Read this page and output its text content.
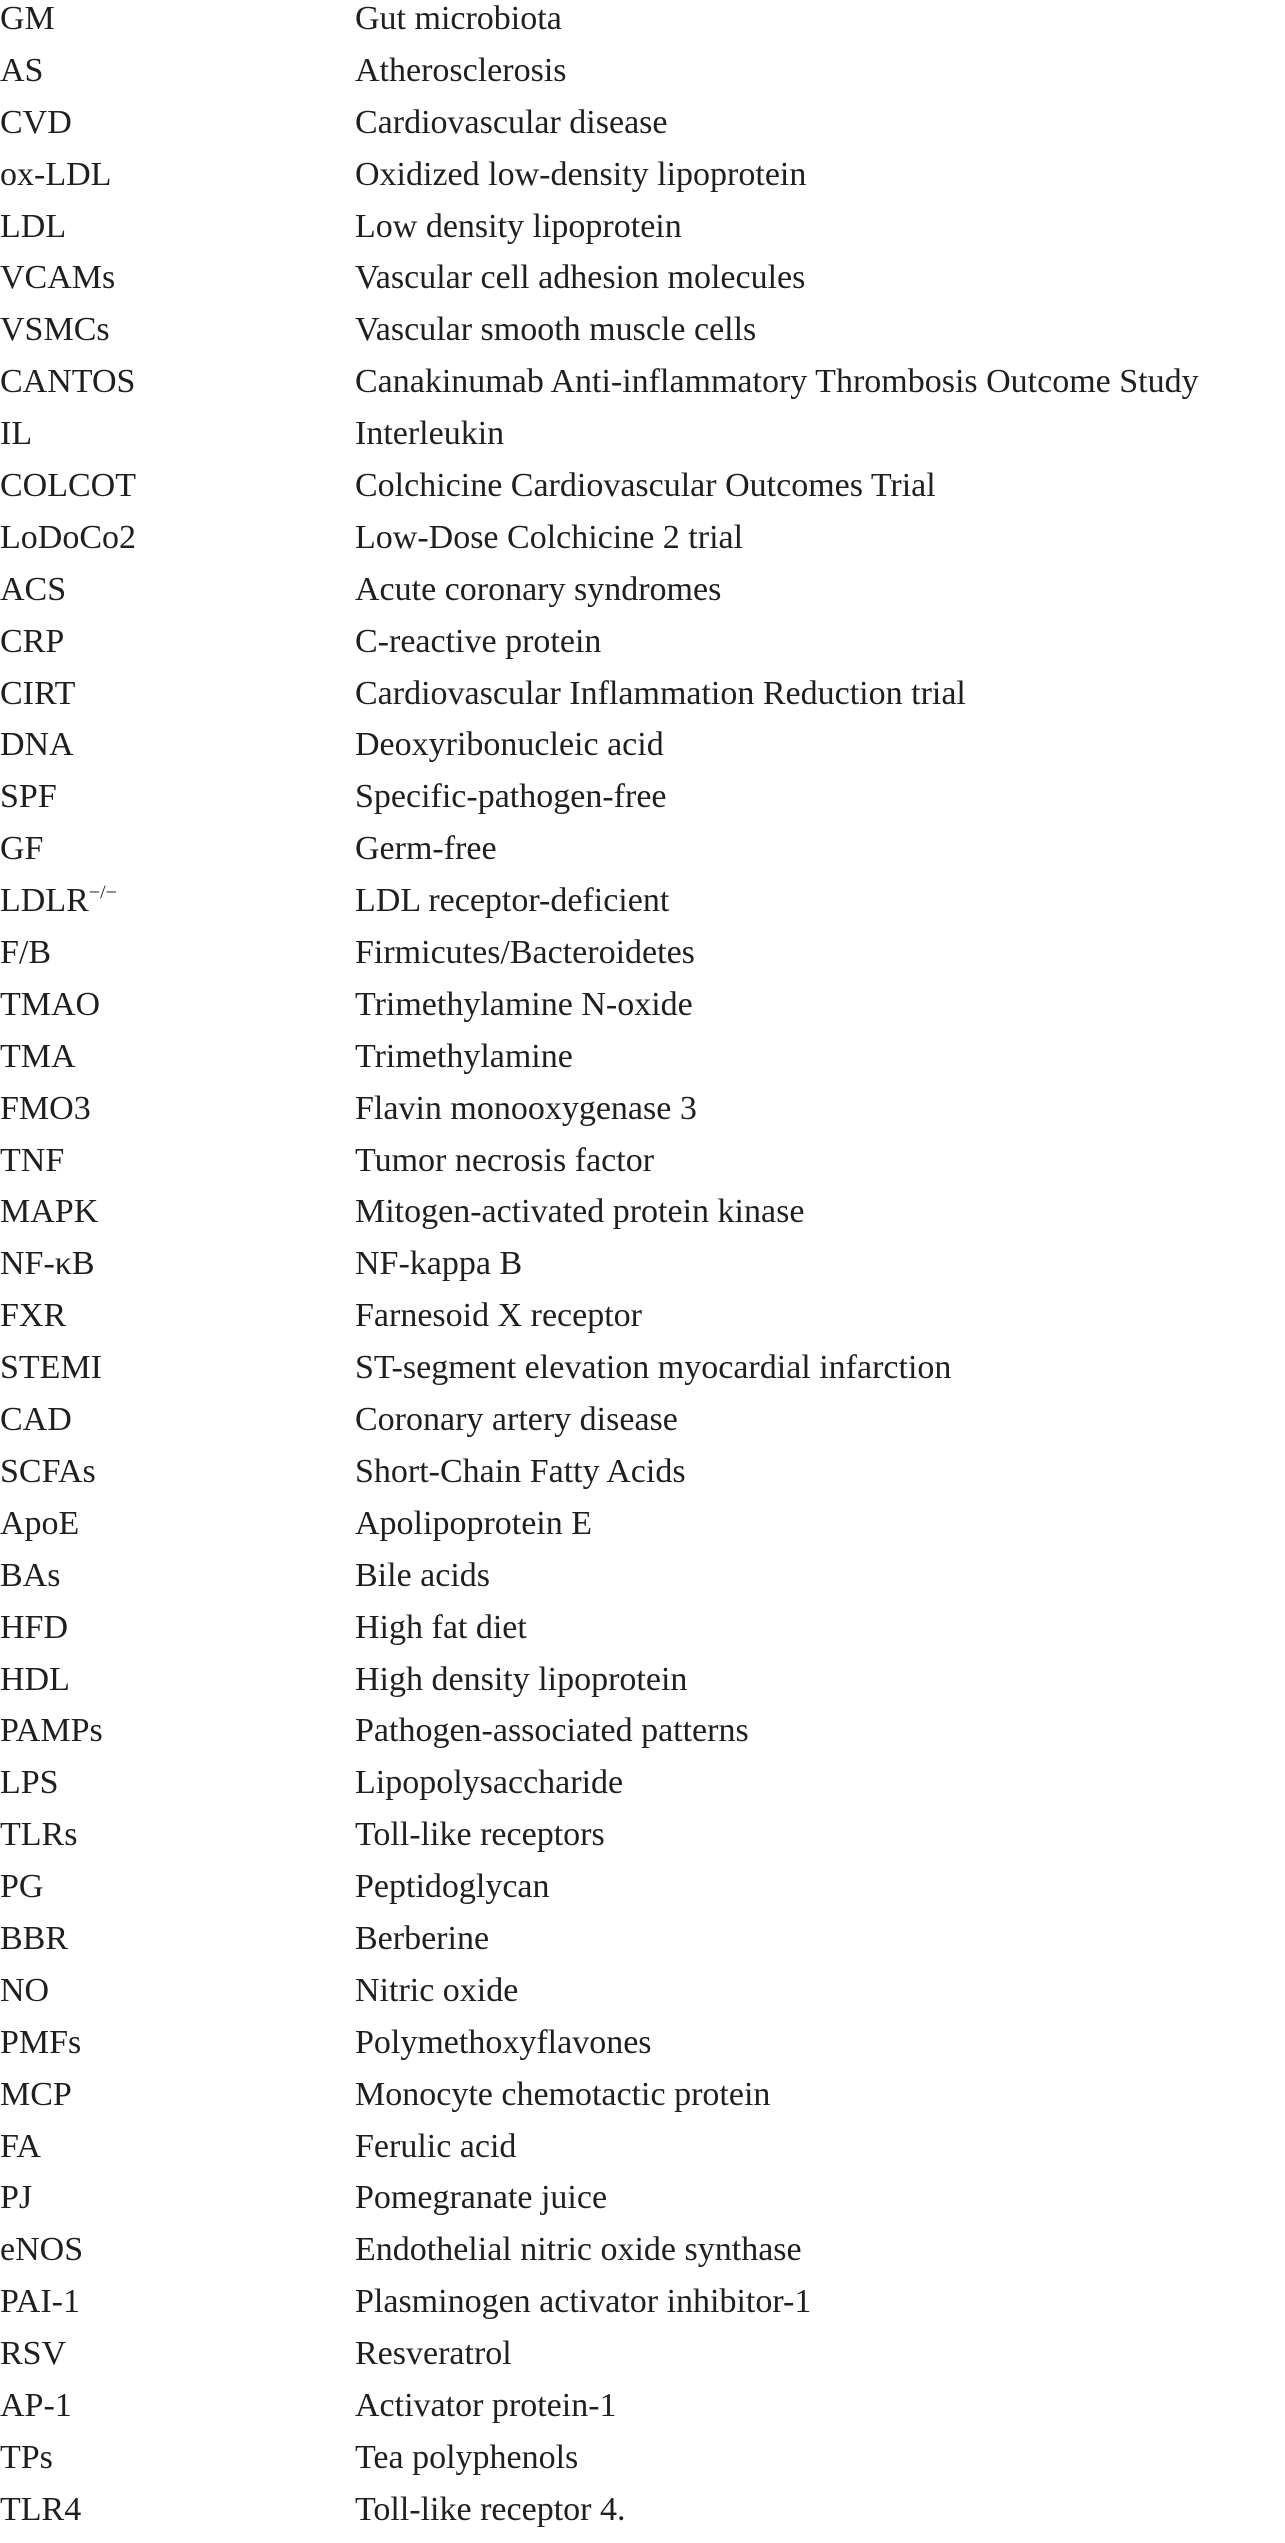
GM	Gut microbiota
AS	Atherosclerosis
CVD	Cardiovascular disease
ox-LDL	Oxidized low-density lipoprotein
LDL	Low density lipoprotein
VCAMs	Vascular cell adhesion molecules
VSMCs	Vascular smooth muscle cells
CANTOS	Canakinumab Anti-inflammatory Thrombosis Outcome Study
IL	Interleukin
COLCOT	Colchicine Cardiovascular Outcomes Trial
LoDoCo2	Low-Dose Colchicine 2 trial
ACS	Acute coronary syndromes
CRP	C-reactive protein
CIRT	Cardiovascular Inflammation Reduction trial
DNA	Deoxyribonucleic acid
SPF	Specific-pathogen-free
GF	Germ-free
LDLR−/−	LDL receptor-deficient
F/B	Firmicutes/Bacteroidetes
TMAO	Trimethylamine N-oxide
TMA	Trimethylamine
FMO3	Flavin monooxygenase 3
TNF	Tumor necrosis factor
MAPK	Mitogen-activated protein kinase
NF-κB	NF-kappa B
FXR	Farnesoid X receptor
STEMI	ST-segment elevation myocardial infarction
CAD	Coronary artery disease
SCFAs	Short-Chain Fatty Acids
ApoE	Apolipoprotein E
BAs	Bile acids
HFD	High fat diet
HDL	High density lipoprotein
PAMPs	Pathogen-associated patterns
LPS	Lipopolysaccharide
TLRs	Toll-like receptors
PG	Peptidoglycan
BBR	Berberine
NO	Nitric oxide
PMFs	Polymethoxyflavones
MCP	Monocyte chemotactic protein
FA	Ferulic acid
PJ	Pomegranate juice
eNOS	Endothelial nitric oxide synthase
PAI-1	Plasminogen activator inhibitor-1
RSV	Resveratrol
AP-1	Activator protein-1
TPs	Tea polyphenols
TLR4	Toll-like receptor 4.
